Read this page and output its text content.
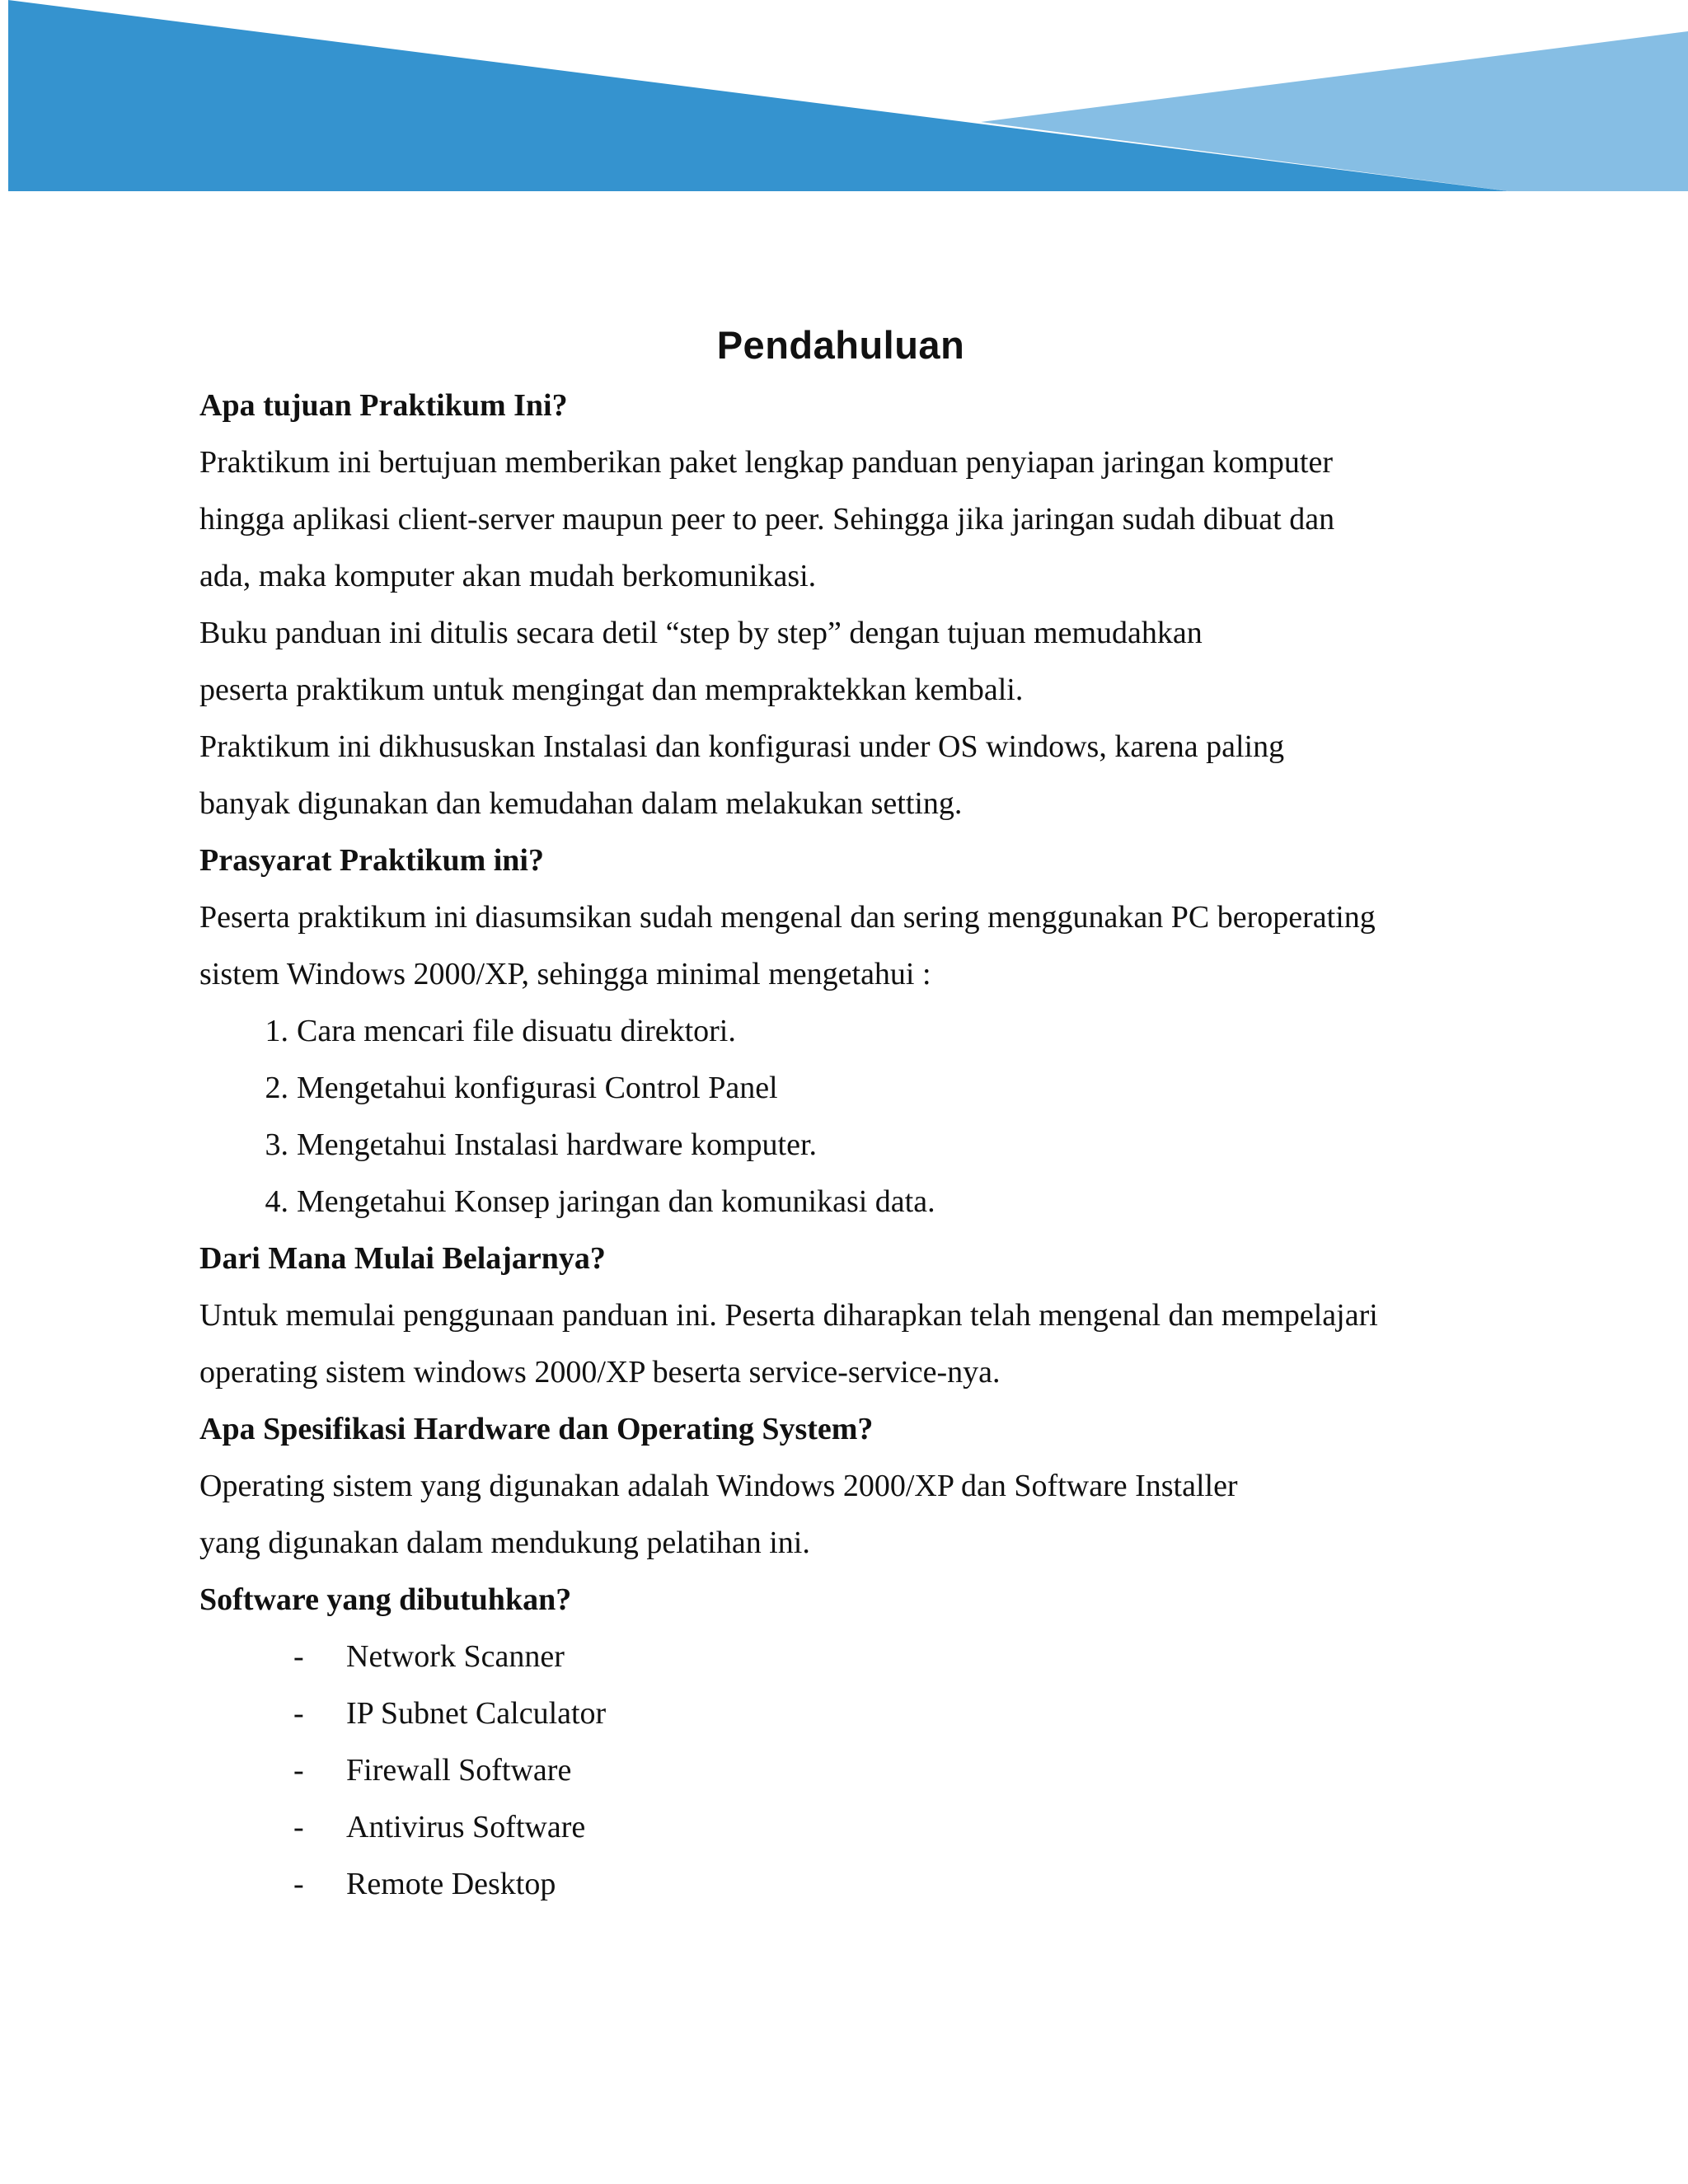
Pendahuluan
Apa tujuan Praktikum Ini?
Praktikum ini bertujuan memberikan paket lengkap panduan penyiapan jaringan komputer
hingga aplikasi client-server maupun peer to peer. Sehingga jika jaringan sudah dibuat dan
ada, maka komputer akan mudah berkomunikasi.
Buku panduan ini ditulis secara detil “step by step” dengan tujuan memudahkan
peserta praktikum untuk mengingat dan mempraktekkan kembali.
Praktikum ini dikhususkan Instalasi dan konfigurasi under OS windows, karena paling
banyak digunakan dan kemudahan dalam melakukan setting.
Prasyarat Praktikum ini?
Peserta praktikum ini diasumsikan sudah mengenal dan sering menggunakan PC beroperating
sistem Windows 2000/XP, sehingga minimal mengetahui :
1. Cara mencari file disuatu direktori.
2. Mengetahui konfigurasi Control Panel
3. Mengetahui Instalasi hardware komputer.
4. Mengetahui Konsep jaringan dan komunikasi data.
Dari Mana Mulai Belajarnya?
Untuk memulai penggunaan panduan ini. Peserta diharapkan telah mengenal dan mempelajari
operating sistem windows 2000/XP beserta service-service-nya.
Apa Spesifikasi Hardware dan Operating System?
Operating sistem yang digunakan adalah Windows 2000/XP dan Software Installer
yang digunakan dalam mendukung pelatihan ini.
Software yang dibutuhkan?
- Network Scanner
- IP Subnet Calculator
- Firewall Software
- Antivirus Software
- Remote Desktop
